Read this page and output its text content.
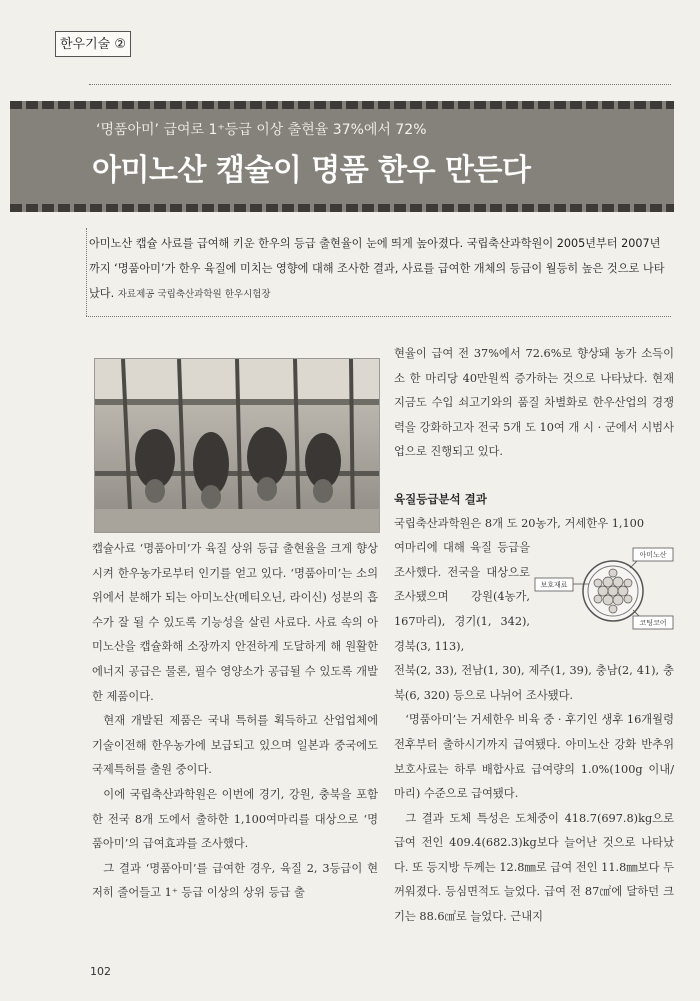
한우기술 ②
‘명품아미’ 급여로 1⁺등급 이상 출현율 37%에서 72%
아미노산 캡슐이 명품 한우 만든다
아미노산 캡슐 사료를 급여해 키운 한우의 등급 출현율이 눈에 띄게 높아졌다. 국립축산과학원이 2005년부터 2007년까지 ‘명품아미’가 한우 육질에 미치는 영향에 대해 조사한 결과, 사료를 급여한 개체의 등급이 월등히 높은 것으로 나타났다. 자료제공 국립축산과학원 한우시험장

캡슐사료 ‘명품아미’가 육질 상위 등급 출현율을 크게 향상시켜 한우농가로부터 인기를 얻고 있다. ‘명품아미’는 소의 위에서 분해가 되는 아미노산(메티오닌, 라이신) 성분의 흡수가 잘 될 수 있도록 기능성을 살린 사료다. 사료 속의 아미노산을 캡슐화해 소장까지 안전하게 도달하게 해 원활한 에너지 공급은 물론, 필수 영양소가 공급될 수 있도록 개발한 제품이다.

현재 개발된 제품은 국내 특허를 획득하고 산업업체에 기술이전해 한우농가에 보급되고 있으며 일본과 중국에도 국제특허를 출원 중이다.

이에 국립축산과학원은 이번에 경기, 강원, 충북을 포함한 전국 8개 도에서 출하한 1,100여마리를 대상으로 ‘명품아미’의 급여효과를 조사했다.

그 결과 ‘명품아미’를 급여한 경우, 육질 2, 3등급이 현저히 줄어들고 1⁺ 등급 이상의 상위 등급 출

현율이 급여 전 37%에서 72.6%로 향상돼 농가 소득이 소 한 마리당 40만원씩 증가하는 것으로 나타났다. 현재 지금도 수입 쇠고기와의 품질 차별화로 한우산업의 경쟁력을 강화하고자 전국 5개 도 10여 개 시 · 군에서 시범사업으로 진행되고 있다.

육질등급분석 결과

국립축산과학원은 8개 도 20농가, 거세한우 1,100

여마리에 대해 육질 등급을 조사했다. 전국을 대상으로 조사됐으며 강원(4농가, 167마리), 경기(1, 342), 경북(3, 113),

전북(2, 33), 전남(1, 30), 제주(1, 39), 충남(2, 41), 충북(6, 320) 등으로 나뉘어 조사됐다.

‘명품아미’는 거세한우 비육 중 · 후기인 생후 16개월령 전후부터 출하시기까지 급여됐다. 아미노산 강화 반추위 보호사료는 하루 배합사료 급여량의 1.0%(100g 이내/마리) 수준으로 급여됐다.

그 결과 도체 특성은 도체중이 418.7(697.8)kg으로 급여 전인 409.4(682.3)kg보다 늘어난 것으로 나타났다. 또 등지방 두께는 12.8㎜로 급여 전인 11.8㎜보다 두꺼워졌다. 등심면적도 늘었다. 급여 전 87㎠에 달하던 크기는 88.6㎠로 늘었다. 근내지

아미노산
보호재료
코팅코어
102
